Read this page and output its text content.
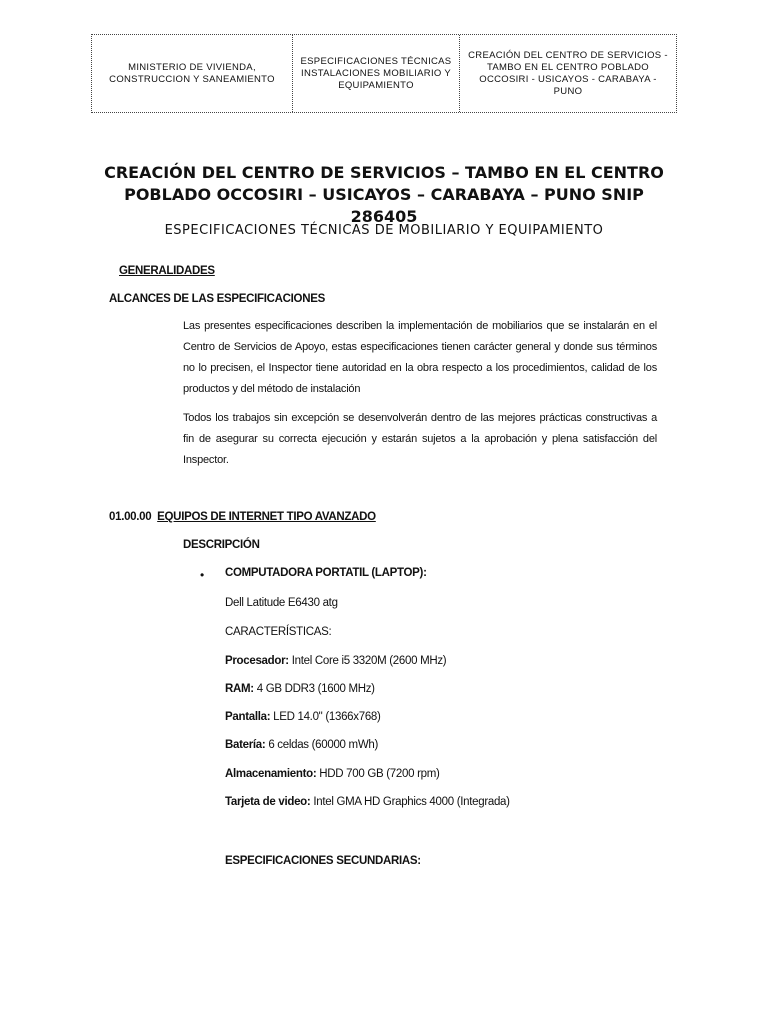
MINISTERIO DE VIVIENDA, CONSTRUCCION Y SANEAMIENTO
ESPECIFICACIONES TÉCNICAS INSTALACIONES MOBILIARIO Y EQUIPAMIENTO
CREACIÓN DEL CENTRO DE SERVICIOS - TAMBO EN EL CENTRO POBLADO OCCOSIRI - USICAYOS - CARABAYA - PUNO
CREACIÓN DEL CENTRO DE SERVICIOS – TAMBO EN EL CENTRO
POBLADO OCCOSIRI – USICAYOS – CARABAYA – PUNO SNIP 286405
ESPECIFICACIONES TÉCNICAS DE MOBILIARIO Y EQUIPAMIENTO
GENERALIDADES
ALCANCES DE LAS ESPECIFICACIONES
Las presentes especificaciones describen la implementación de mobiliarios que se instalarán en el Centro de Servicios de Apoyo, estas especificaciones tienen carácter general y donde sus términos no lo precisen, el Inspector tiene autoridad en la obra respecto a los procedimientos, calidad de los productos y del método de instalación
Todos los trabajos sin excepción se desenvolverán dentro de las mejores prácticas constructivas a fin de asegurar su correcta ejecución y estarán sujetos a la aprobación y plena satisfacción del Inspector.
01.00.00 EQUIPOS DE INTERNET TIPO AVANZADO
DESCRIPCIÓN
• COMPUTADORA PORTATIL (LAPTOP):
Dell Latitude E6430 atg
CARACTERÍSTICAS:
Procesador: Intel Core i5 3320M (2600 MHz)
RAM: 4 GB DDR3 (1600 MHz)
Pantalla: LED 14.0" (1366x768)
Batería: 6 celdas (60000 mWh)
Almacenamiento: HDD 700 GB (7200 rpm)
Tarjeta de video: Intel GMA HD Graphics 4000 (Integrada)
ESPECIFICACIONES SECUNDARIAS:
